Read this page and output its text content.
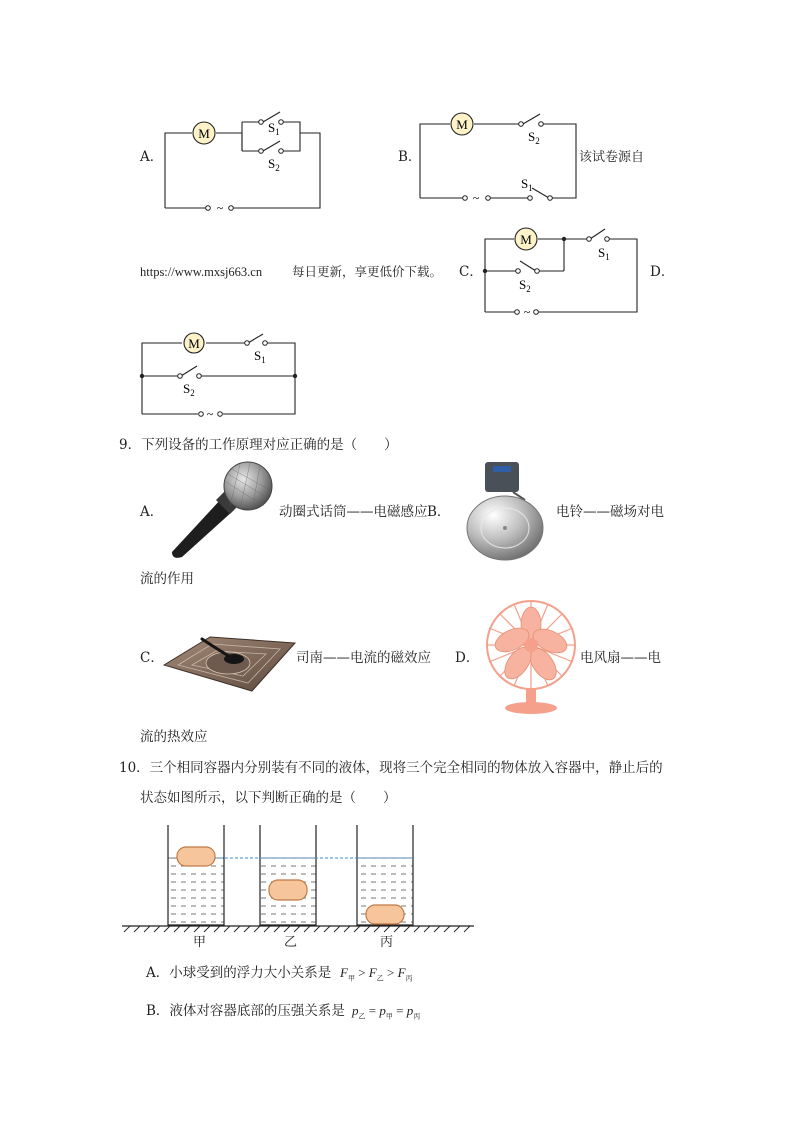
A．
M	$S_1$
$S_2$
~
B．
M
$S_2$
$S_1$
~
该试卷源自
https://www.mxsj663.cn 每日更新，享更低价下载。 C．
M
$S_1$
$S_2$
~
D．
M
$S_1$
$S_2$
~
9．下列设备的工作原理对应正确的是（　　）
A．	动圈式话筒——电磁感应 B．	电铃——磁场对电
流的作用
C．	司南——电流的磁效应 D．	电风扇——电
流的热效应
10．三个相同容器内分别装有不同的液体，现将三个完全相同的物体放入容器中，静止后的
状态如图所示，以下判断正确的是（　　）
甲	乙	丙
A．小球受到的浮力大小关系是 $F_甲 > F_乙 > F_丙$
B．液体对容器底部的压强关系是 $p_乙 = p_甲 = p_丙$
